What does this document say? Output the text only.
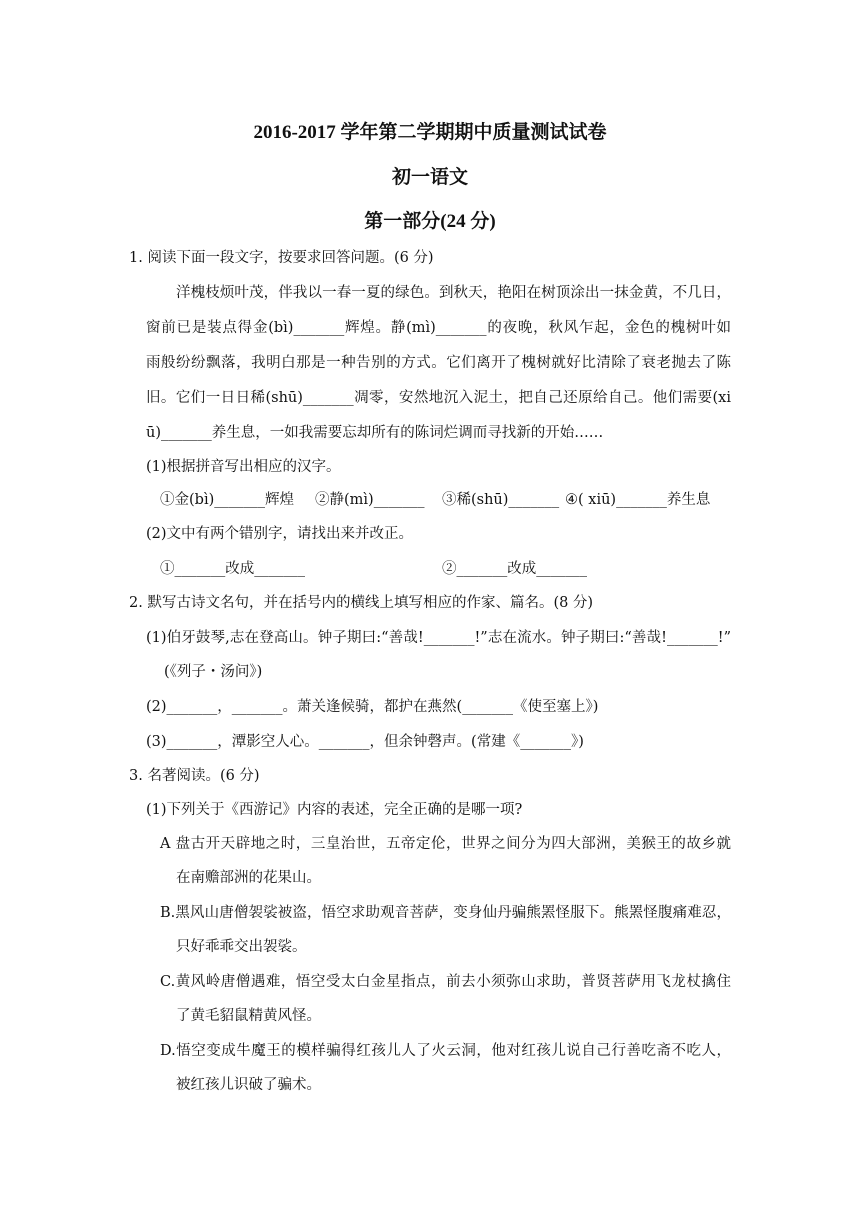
2016-2017 学年第二学期期中质量测试试卷
初一语文
第一部分(24 分)
1. 阅读下面一段文字，按要求回答问题。(6 分)
洋槐枝烦叶茂，伴我以一春一夏的绿色。到秋天，艳阳在树顶涂出一抹金黄，不几日，
窗前已是装点得金(bì)_______辉煌。静(mì)_______的夜晚，秋风乍起，金色的槐树叶如
雨般纷纷飘落，我明白那是一种告别的方式。它们离开了槐树就好比清除了衰老抛去了陈
旧。它们一日日稀(shū)_______凋零，安然地沉入泥土，把自己还原给自己。他们需要(xi
ū)_______养生息，一如我需要忘却所有的陈词烂调而寻找新的开始……
(1)根据拼音写出相应的汉字。
①金(bì)_______辉煌 ②静(mì)_______ ③稀(shū)_______ ④( xiū)_______养生息
(2)文中有两个错别字，请找出来并改正。
①_______改成_______	②_______改成_______
2. 默写古诗文名句，并在括号内的横线上填写相应的作家、篇名。(8 分)
(1)伯牙鼓琴,志在登高山。钟子期曰:“善哉!_______!”志在流水。钟子期曰:“善哉!_______!”
(《列子・汤问》)
(2)_______，_______。萧关逢候骑，都护在燕然(_______《使至塞上》)
(3)_______，潭影空人心。_______，但余钟磬声。(常建《_______》)
3. 名著阅读。(6 分)
(1)下列关于《西游记》内容的表述，完全正确的是哪一项?
A 盘古开天辟地之时，三皇治世，五帝定伦，世界之间分为四大部洲，美猴王的故乡就
在南赡部洲的花果山。
B.黑风山唐僧袈裟被盗，悟空求助观音菩萨，变身仙丹骗熊罴怪服下。熊罴怪腹痛难忍，
只好乖乖交出袈裟。
C.黄风岭唐僧遇难，悟空受太白金星指点，前去小须弥山求助，普贤菩萨用飞龙杖擒住
了黄毛貂鼠精黄风怪。
D.悟空变成牛魔王的模样骗得红孩儿人了火云洞，他对红孩儿说自己行善吃斋不吃人，
被红孩儿识破了骗术。
